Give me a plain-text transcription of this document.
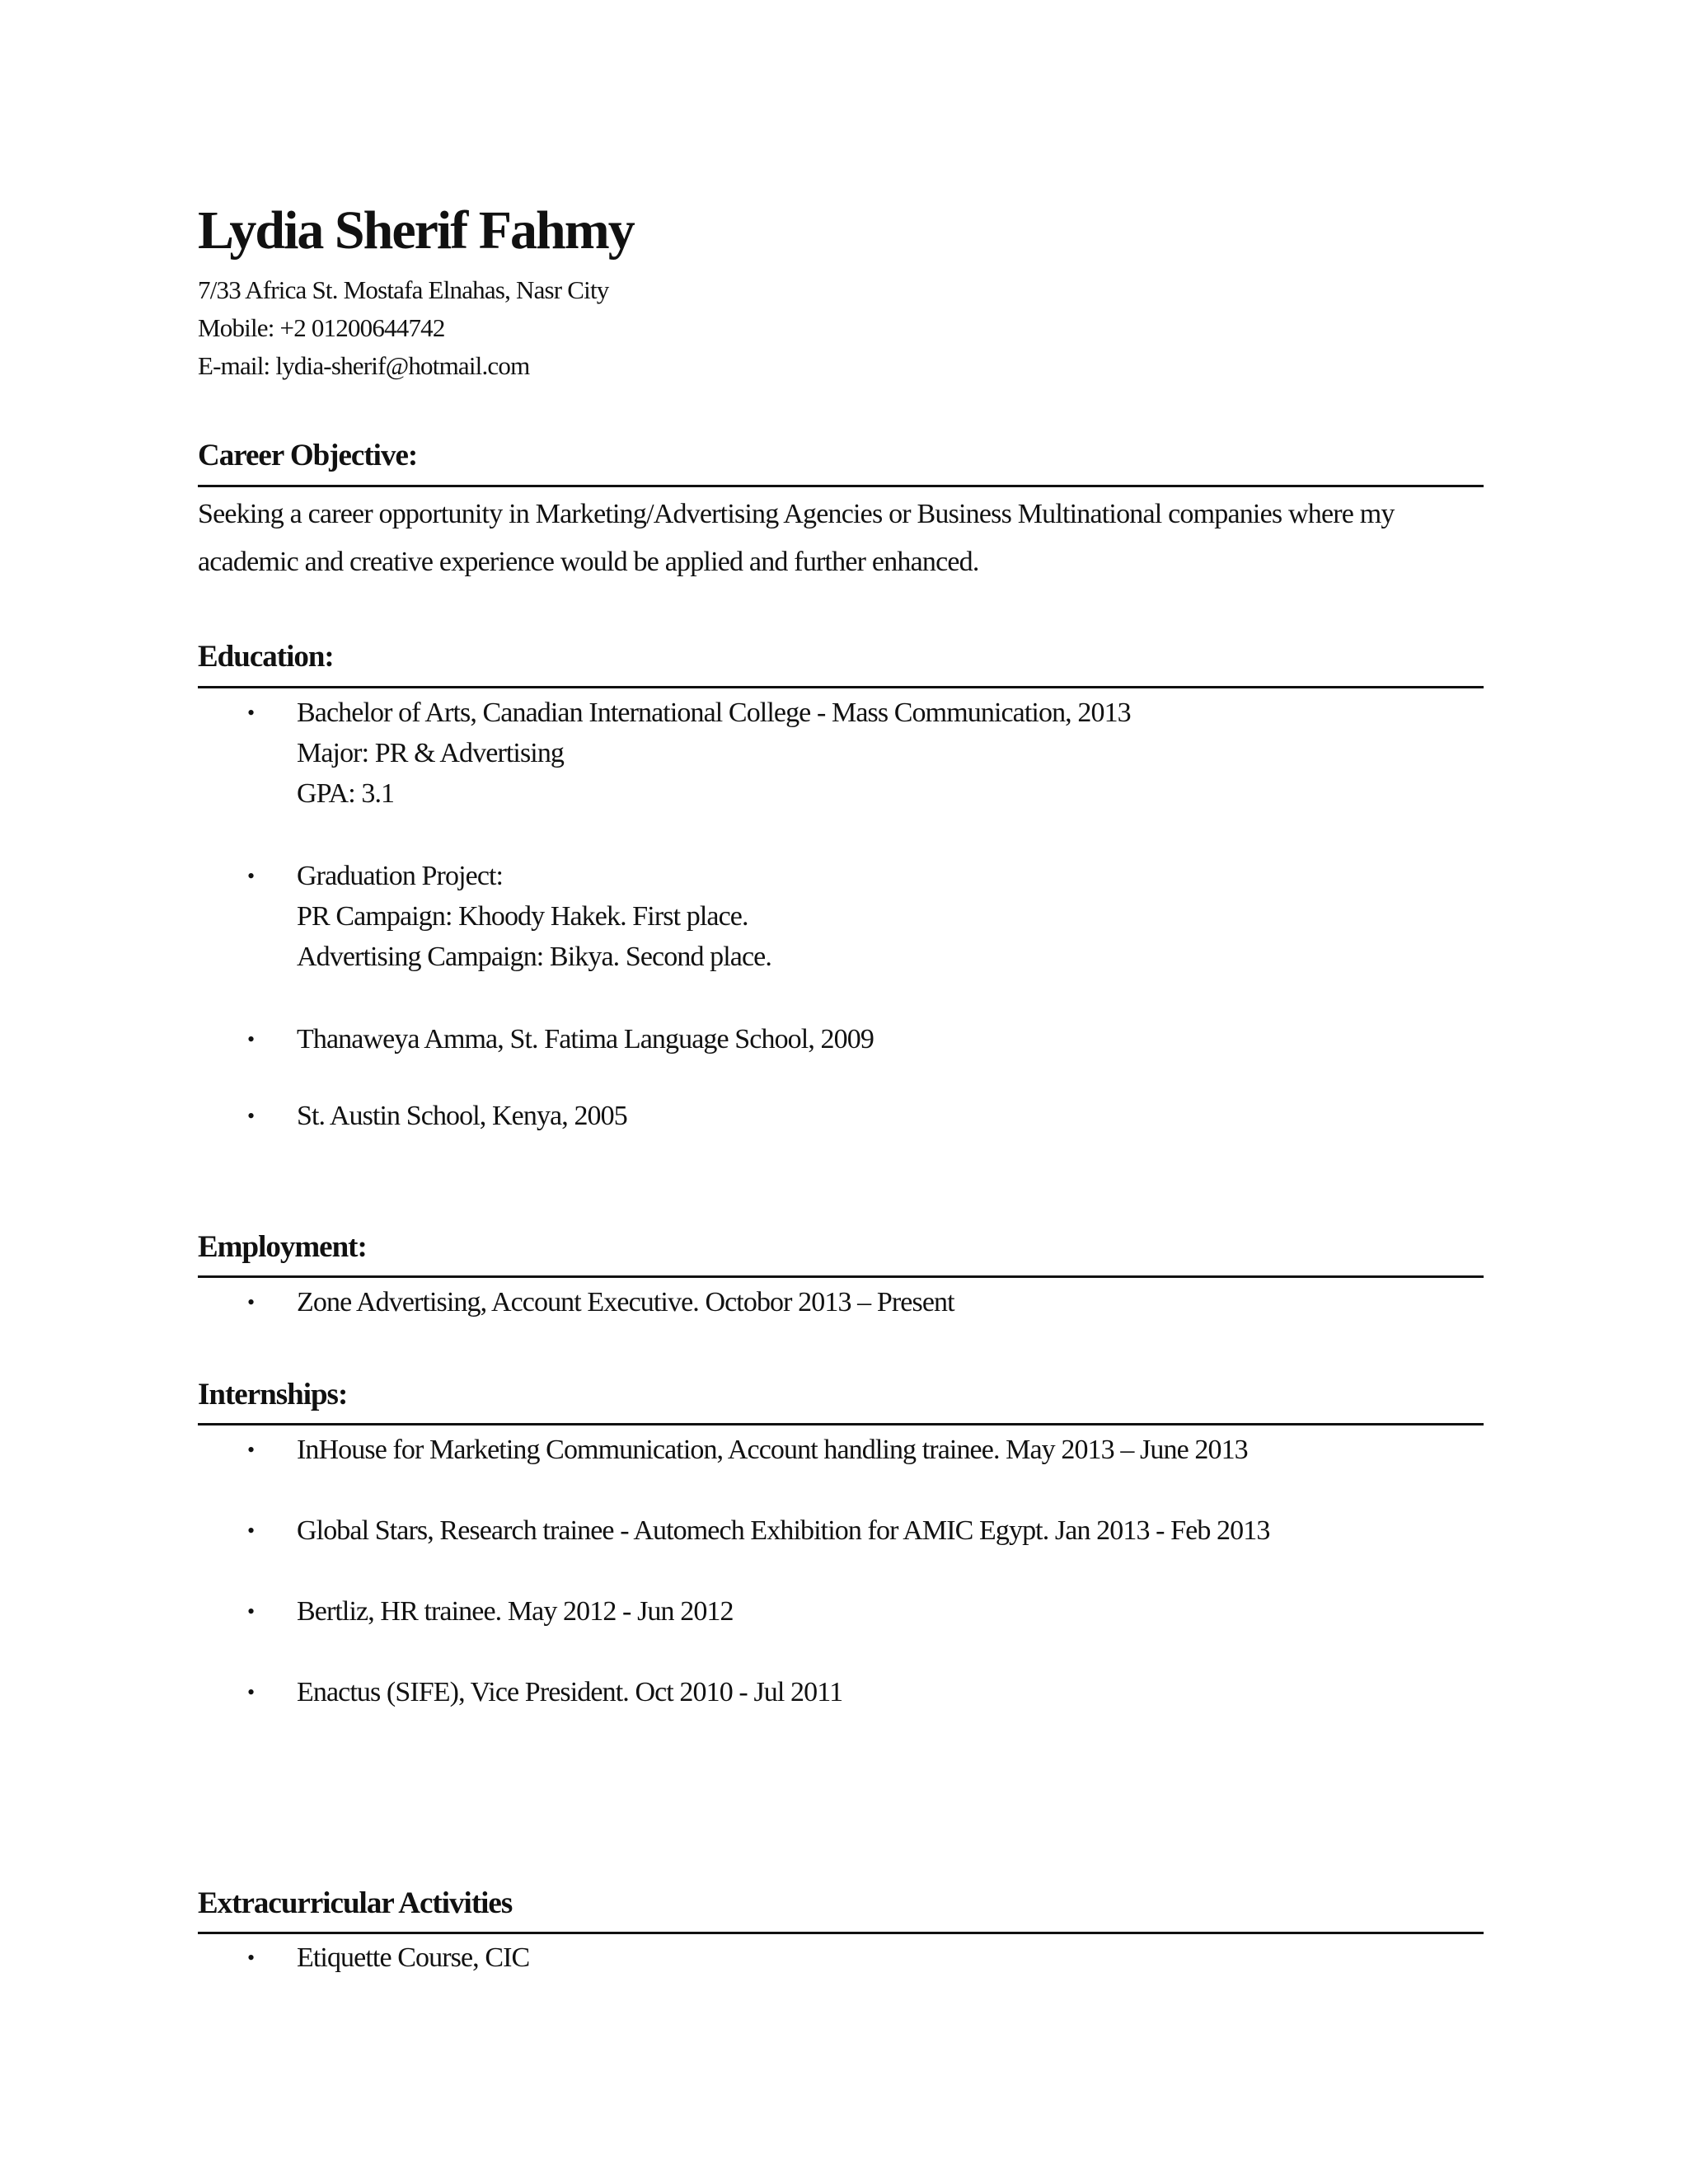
Lydia Sherif Fahmy
7/33 Africa St. Mostafa Elnahas, Nasr City
Mobile: +2 01200644742
E-mail: lydia-sherif@hotmail.com
Career Objective:
Seeking a career opportunity in Marketing/Advertising Agencies or Business Multinational companies where my academic and creative experience would be applied and further enhanced.
Education:
• Bachelor of Arts, Canadian International College - Mass Communication, 2013
Major: PR & Advertising
GPA: 3.1
• Graduation Project:
PR Campaign: Khoody Hakek. First place.
Advertising Campaign: Bikya. Second place.
• Thanaweya Amma, St. Fatima Language School, 2009
• St. Austin School, Kenya, 2005
Employment:
• Zone Advertising, Account Executive. Octobor 2013 – Present
Internships:
• InHouse for Marketing Communication, Account handling trainee. May 2013 – June 2013
• Global Stars, Research trainee - Automech Exhibition for AMIC Egypt. Jan 2013 - Feb 2013
• Bertliz, HR trainee. May 2012 - Jun 2012
• Enactus (SIFE), Vice President. Oct 2010 - Jul 2011
Extracurricular Activities
• Etiquette Course, CIC
